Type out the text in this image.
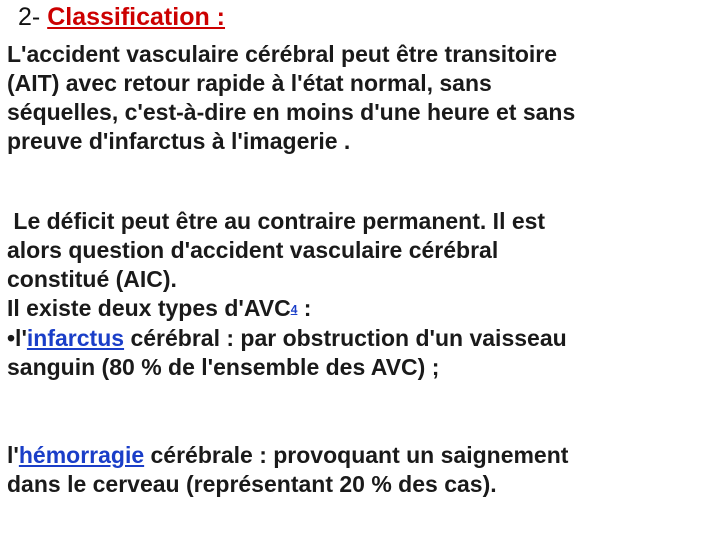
2- Classification :
L'accident vasculaire cérébral peut être transitoire
(AIT) avec retour rapide à l'état normal, sans
séquelles, c'est-à-dire en moins d'une heure et sans
preuve d'infarctus à l'imagerie .
Le déficit peut être au contraire permanent. Il est
alors question d'accident vasculaire cérébral
constitué (AIC).
Il existe deux types d'AVC4 :
•l'infarctus cérébral : par obstruction d'un vaisseau
sanguin (80 % de l'ensemble des AVC) ;
l'hémorragie cérébrale : provoquant un saignement
dans le cerveau (représentant 20 % des cas).
